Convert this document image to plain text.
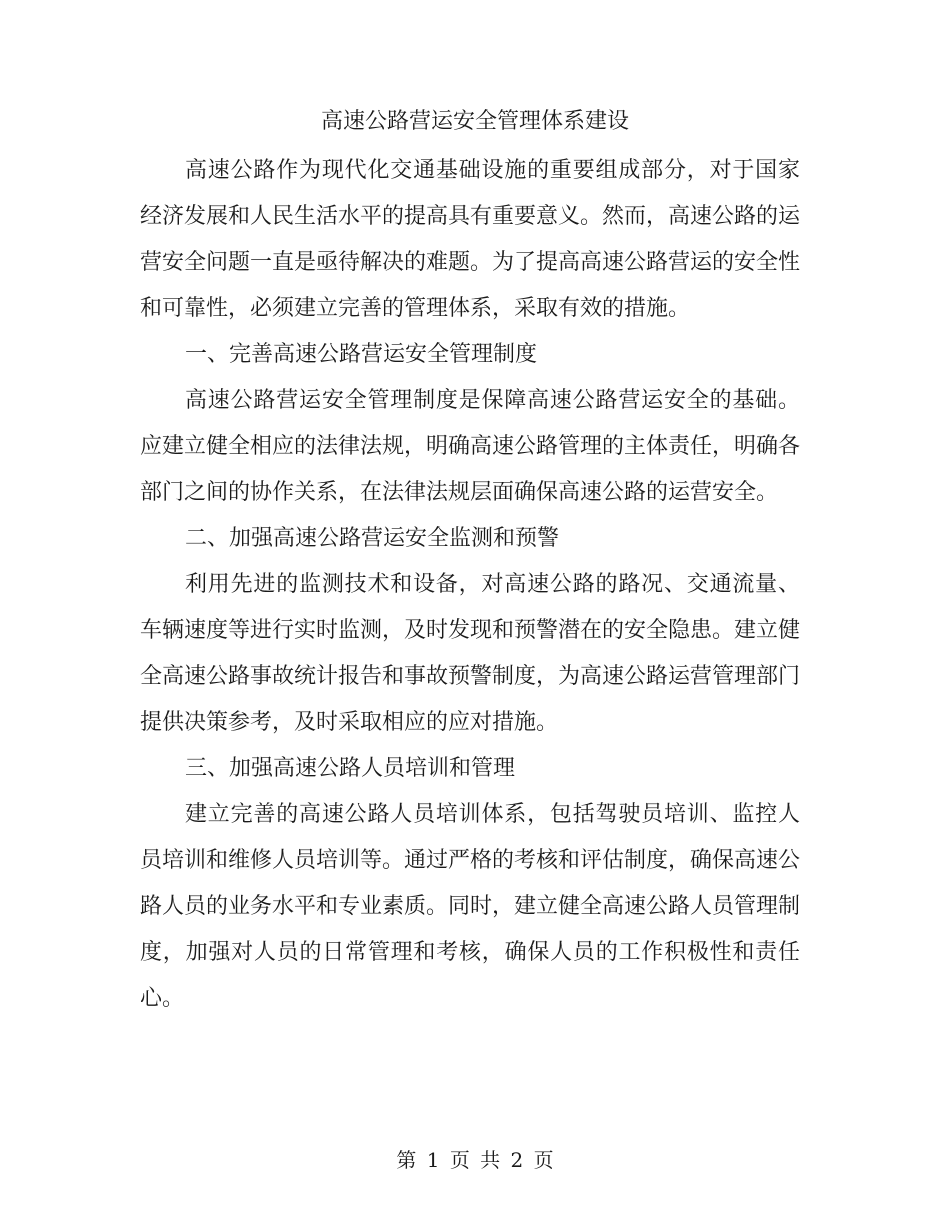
高速公路营运安全管理体系建设

高速公路作为现代化交通基础设施的重要组成部分，对于国家经济发展和人民生活水平的提高具有重要意义。然而，高速公路的运营安全问题一直是亟待解决的难题。为了提高高速公路营运的安全性和可靠性，必须建立完善的管理体系，采取有效的措施。

一、完善高速公路营运安全管理制度

高速公路营运安全管理制度是保障高速公路营运安全的基础。应建立健全相应的法律法规，明确高速公路管理的主体责任，明确各部门之间的协作关系，在法律法规层面确保高速公路的运营安全。

二、加强高速公路营运安全监测和预警

利用先进的监测技术和设备，对高速公路的路况、交通流量、车辆速度等进行实时监测，及时发现和预警潜在的安全隐患。建立健全高速公路事故统计报告和事故预警制度，为高速公路运营管理部门提供决策参考，及时采取相应的应对措施。

三、加强高速公路人员培训和管理

建立完善的高速公路人员培训体系，包括驾驶员培训、监控人员培训和维修人员培训等。通过严格的考核和评估制度，确保高速公路人员的业务水平和专业素质。同时，建立健全高速公路人员管理制度，加强对人员的日常管理和考核，确保人员的工作积极性和责任心。

第 1 页 共 2 页
